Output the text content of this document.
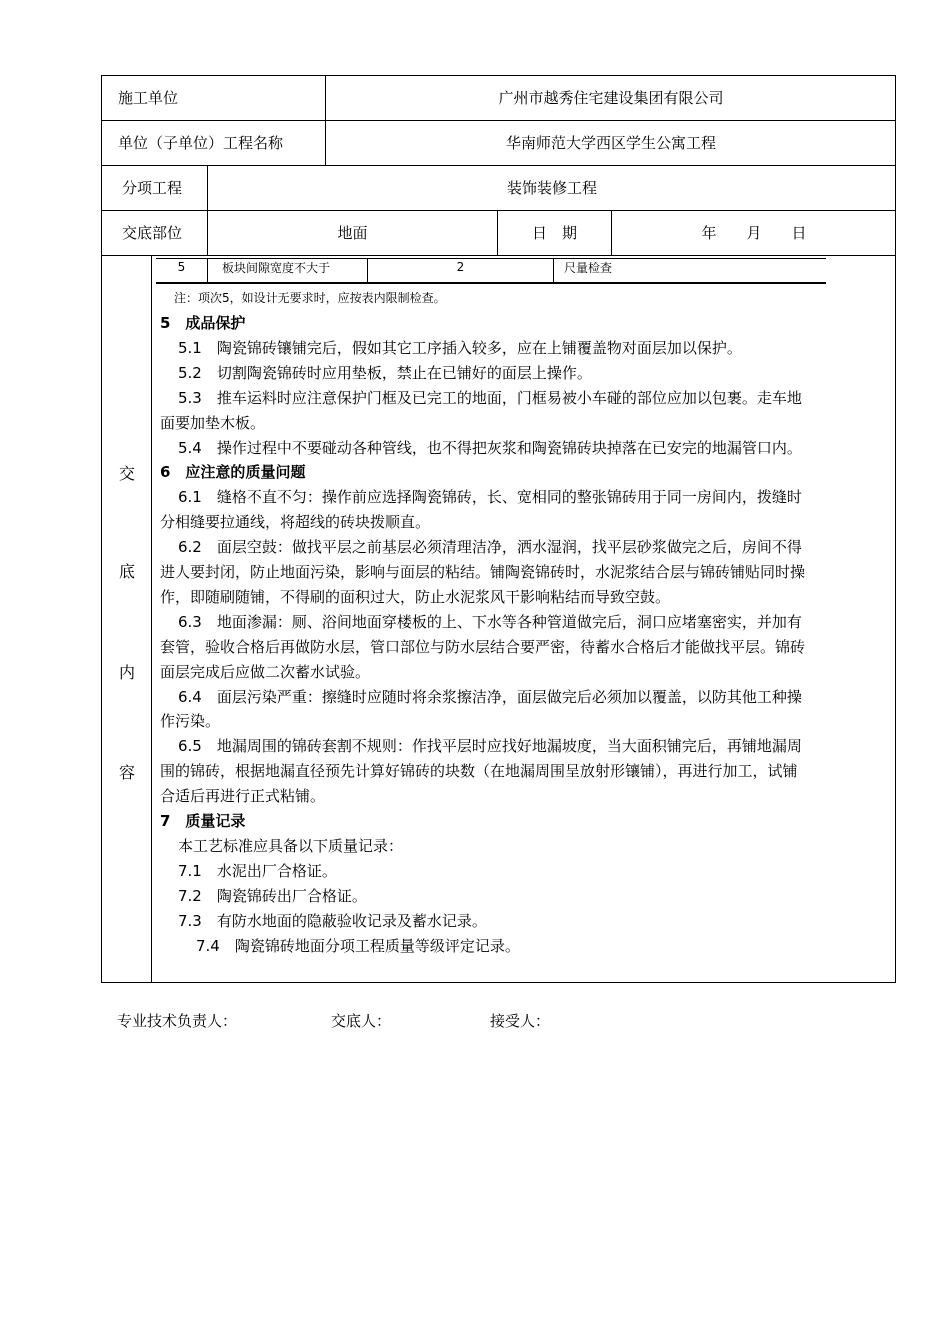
施工单位	广州市越秀住宅建设集团有限公司
单位（子单位）工程名称	华南师范大学西区学生公寓工程
分项工程	装饰装修工程
交底部位	地面	日　期	年　　月　　日
交
底
内
容
5	板块间隙宽度不大于	2	尺量检查
注：项次5，如设计无要求时，应按表内限制检查。
5　成品保护
5.1　陶瓷锦砖镶铺完后，假如其它工序插入较多，应在上铺覆盖物对面层加以保护。
5.2　切割陶瓷锦砖时应用垫板，禁止在已铺好的面层上操作。
5.3　推车运料时应注意保护门框及已完工的地面，门框易被小车碰的部位应加以包裹。走车地
面要加垫木板。
5.4　操作过程中不要碰动各种管线，也不得把灰浆和陶瓷锦砖块掉落在已安完的地漏管口内。
6　应注意的质量问题
6.1　缝格不直不匀：操作前应选择陶瓷锦砖，长、宽相同的整张锦砖用于同一房间内，拨缝时
分相缝要拉通线，将超线的砖块拨顺直。
6.2　面层空鼓：做找平层之前基层必须清理洁净，洒水湿润，找平层砂浆做完之后，房间不得
进人要封闭，防止地面污染，影响与面层的粘结。铺陶瓷锦砖时，水泥浆结合层与锦砖铺贴同时操
作，即随刷随铺，不得刷的面积过大，防止水泥浆风干影响粘结而导致空鼓。
6.3　地面渗漏：厕、浴间地面穿楼板的上、下水等各种管道做完后，洞口应堵塞密实，并加有
套管，验收合格后再做防水层，管口部位与防水层结合要严密，待蓄水合格后才能做找平层。锦砖
面层完成后应做二次蓄水试验。
6.4　面层污染严重：擦缝时应随时将余浆擦洁净，面层做完后必须加以覆盖，以防其他工种操
作污染。
6.5　地漏周围的锦砖套割不规则：作找平层时应找好地漏坡度，当大面积铺完后，再铺地漏周
围的锦砖，根据地漏直径预先计算好锦砖的块数（在地漏周围呈放射形镶铺），再进行加工，试铺
合适后再进行正式粘铺。
7　质量记录
本工艺标准应具备以下质量记录：
7.1　水泥出厂合格证。
7.2　陶瓷锦砖出厂合格证。
7.3　有防水地面的隐蔽验收记录及蓄水记录。
7.4　陶瓷锦砖地面分项工程质量等级评定记录。
专业技术负责人：	交底人：	接受人：
